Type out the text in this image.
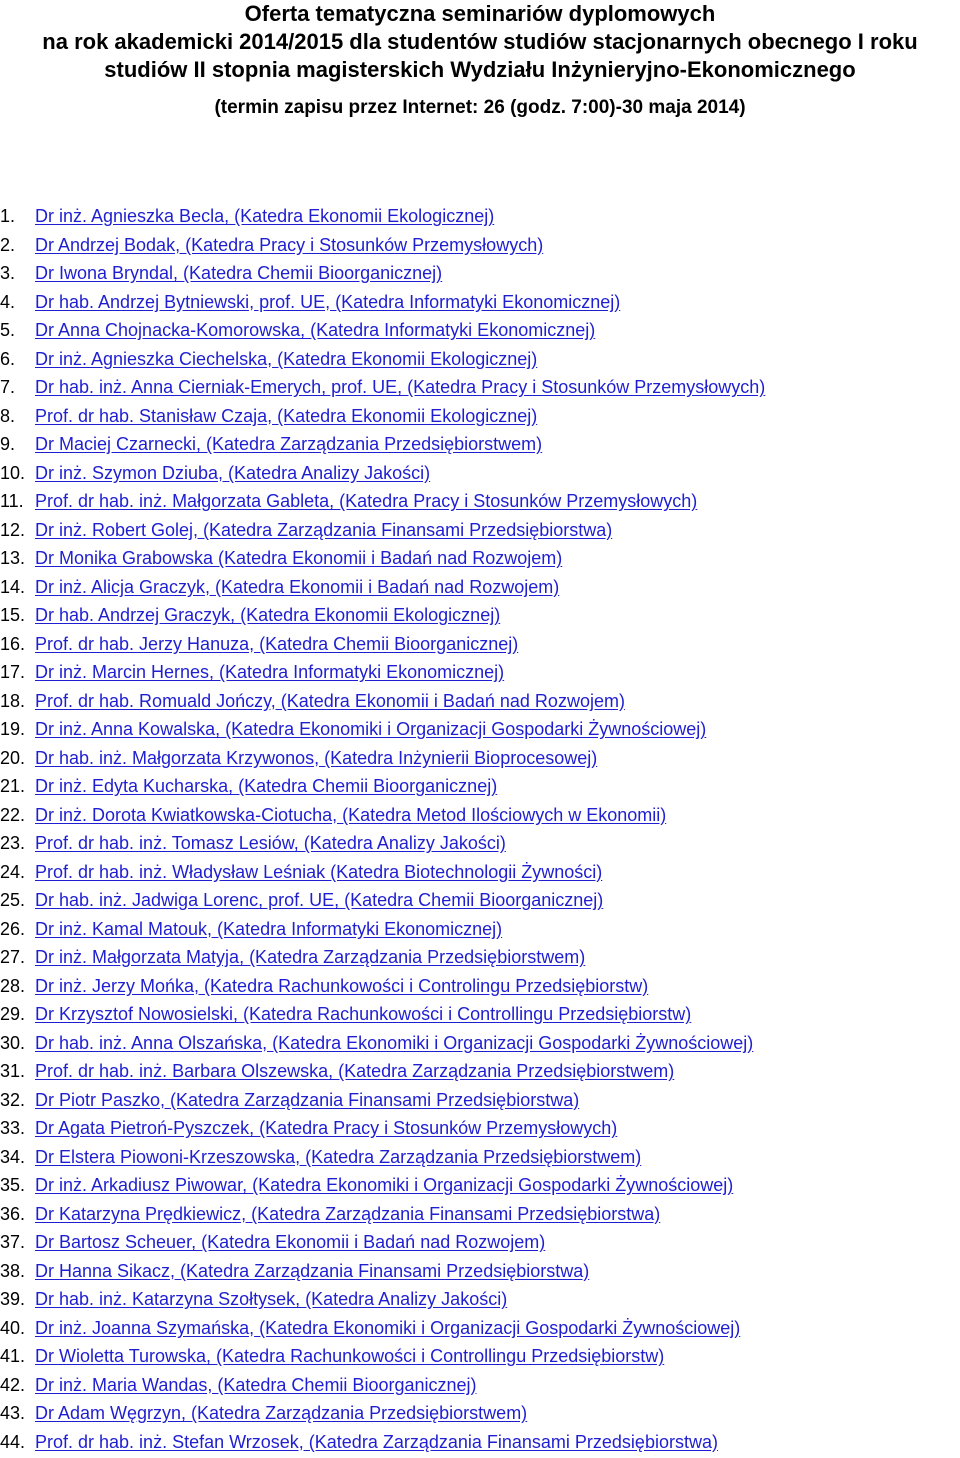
Oferta tematyczna seminariów dyplomowych
na rok akademicki 2014/2015 dla studentów studiów stacjonarnych obecnego I roku
studiów II stopnia magisterskich Wydziału Inżynieryjno-Ekonomicznego
(termin zapisu przez Internet: 26 (godz. 7:00)-30 maja 2014)
1.	Dr inż. Agnieszka Becla, (Katedra Ekonomii Ekologicznej)
2.	Dr Andrzej Bodak, (Katedra Pracy i Stosunków Przemysłowych)
3.	Dr Iwona Bryndal, (Katedra Chemii Bioorganicznej)
4.	Dr hab. Andrzej Bytniewski, prof. UE, (Katedra Informatyki Ekonomicznej)
5.	Dr Anna Chojnacka-Komorowska, (Katedra Informatyki Ekonomicznej)
6.	Dr inż. Agnieszka Ciechelska, (Katedra Ekonomii Ekologicznej)
7.	Dr hab. inż. Anna Cierniak-Emerych, prof. UE, (Katedra Pracy i Stosunków Przemysłowych)
8.	Prof. dr hab. Stanisław Czaja, (Katedra Ekonomii Ekologicznej)
9.	Dr Maciej Czarnecki, (Katedra Zarządzania Przedsiębiorstwem)
10. Dr inż. Szymon Dziuba, (Katedra Analizy Jakości)
11. Prof. dr hab. inż. Małgorzata Gableta, (Katedra Pracy i Stosunków Przemysłowych)
12. Dr inż. Robert Golej, (Katedra Zarządzania Finansami Przedsiębiorstwa)
13. Dr Monika Grabowska (Katedra Ekonomii i Badań nad Rozwojem)
14. Dr inż. Alicja Graczyk, (Katedra Ekonomii i Badań nad Rozwojem)
15. Dr hab. Andrzej Graczyk, (Katedra Ekonomii Ekologicznej)
16. Prof. dr hab. Jerzy Hanuza, (Katedra Chemii Bioorganicznej)
17. Dr inż. Marcin Hernes, (Katedra Informatyki Ekonomicznej)
18. Prof. dr hab. Romuald Jończy, (Katedra Ekonomii i Badań nad Rozwojem)
19. Dr inż. Anna Kowalska, (Katedra Ekonomiki i Organizacji Gospodarki Żywnościowej)
20. Dr hab. inż. Małgorzata Krzywonos, (Katedra Inżynierii Bioprocesowej)
21. Dr inż. Edyta Kucharska, (Katedra Chemii Bioorganicznej)
22. Dr inż. Dorota Kwiatkowska-Ciotucha, (Katedra Metod Ilościowych w Ekonomii)
23. Prof. dr hab. inż. Tomasz Lesiów, (Katedra Analizy Jakości)
24. Prof. dr hab. inż. Władysław Leśniak (Katedra Biotechnologii Żywności)
25. Dr hab. inż. Jadwiga Lorenc, prof. UE, (Katedra Chemii Bioorganicznej)
26. Dr inż. Kamal Matouk, (Katedra Informatyki Ekonomicznej)
27. Dr inż. Małgorzata Matyja, (Katedra Zarządzania Przedsiębiorstwem)
28. Dr inż. Jerzy Mońka, (Katedra Rachunkowości i Controlingu Przedsiębiorstw)
29. Dr Krzysztof Nowosielski, (Katedra Rachunkowości i Controllingu Przedsiębiorstw)
30. Dr hab. inż. Anna Olszańska, (Katedra Ekonomiki i Organizacji Gospodarki Żywnościowej)
31. Prof. dr hab. inż. Barbara Olszewska, (Katedra Zarządzania Przedsiębiorstwem)
32. Dr Piotr Paszko, (Katedra Zarządzania Finansami Przedsiębiorstwa)
33. Dr Agata Pietroń-Pyszczek, (Katedra Pracy i Stosunków Przemysłowych)
34. Dr Elstera Piowoni-Krzeszowska, (Katedra Zarządzania Przedsiębiorstwem)
35. Dr inż. Arkadiusz Piwowar, (Katedra Ekonomiki i Organizacji Gospodarki Żywnościowej)
36. Dr Katarzyna Prędkiewicz, (Katedra Zarządzania Finansami Przedsiębiorstwa)
37. Dr Bartosz Scheuer, (Katedra Ekonomii i Badań nad Rozwojem)
38. Dr Hanna Sikacz, (Katedra Zarządzania Finansami Przedsiębiorstwa)
39. Dr hab. inż. Katarzyna Szołtysek, (Katedra Analizy Jakości)
40. Dr inż. Joanna Szymańska, (Katedra Ekonomiki i Organizacji Gospodarki Żywnościowej)
41. Dr Wioletta Turowska, (Katedra Rachunkowości i Controllingu Przedsiębiorstw)
42. Dr inż. Maria Wandas, (Katedra Chemii Bioorganicznej)
43. Dr Adam Węgrzyn, (Katedra Zarządzania Przedsiębiorstwem)
44. Prof. dr hab. inż. Stefan Wrzosek, (Katedra Zarządzania Finansami Przedsiębiorstwa)
